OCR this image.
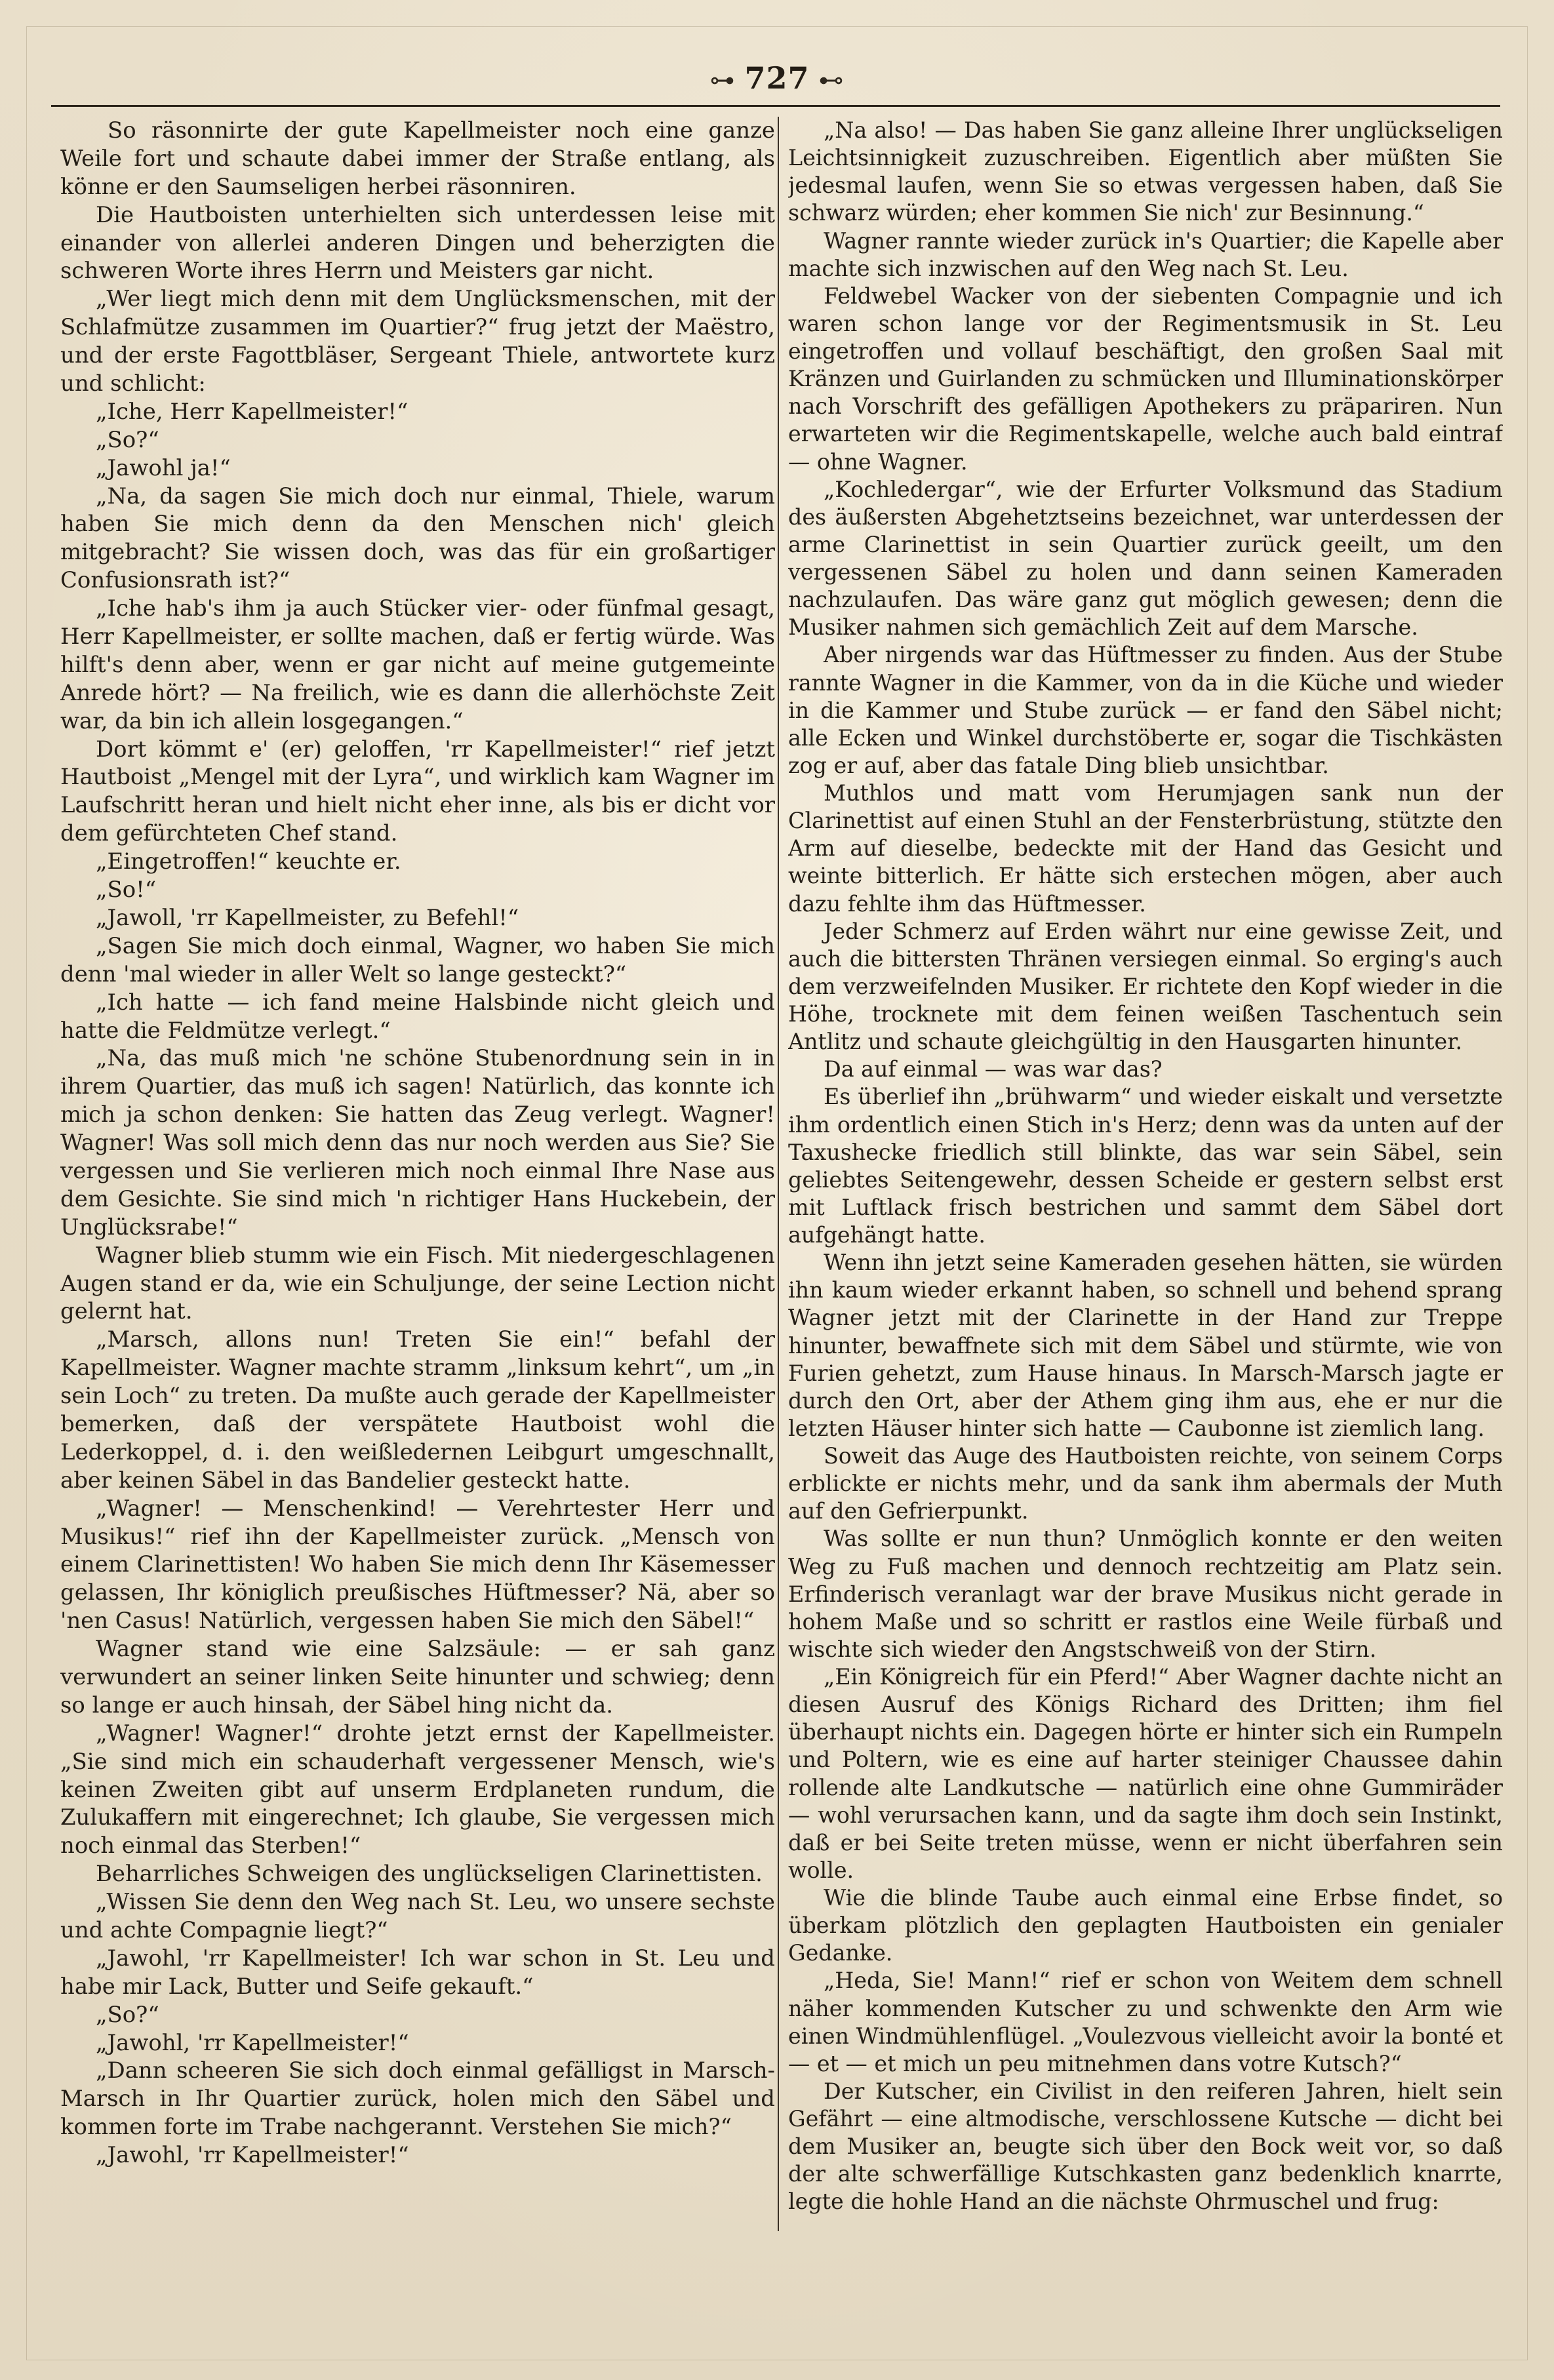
⊶ 727 ⊷

So räsonnirte der gute Kapellmeister noch eine ganze Weile fort und schaute dabei immer der Straße entlang, als könne er den Saumseligen herbei räsonniren.

Die Hautboisten unterhielten sich unterdessen leise mit einander von allerlei anderen Dingen und beherzigten die schweren Worte ihres Herrn und Meisters gar nicht.

„Wer liegt mich denn mit dem Unglücksmenschen, mit der Schlafmütze zusammen im Quartier?“ frug jetzt der Maëstro, und der erste Fagottbläser, Sergeant Thiele, antwortete kurz und schlicht:

„Iche, Herr Kapellmeister!“

„So?“

„Jawohl ja!“

„Na, da sagen Sie mich doch nur einmal, Thiele, warum haben Sie mich denn da den Menschen nich' gleich mitgebracht? Sie wissen doch, was das für ein großartiger Confusionsrath ist?“

„Iche hab's ihm ja auch Stücker vier- oder fünfmal gesagt, Herr Kapellmeister, er sollte machen, daß er fertig würde. Was hilft's denn aber, wenn er gar nicht auf meine gutgemeinte Anrede hört? — Na freilich, wie es dann die allerhöchste Zeit war, da bin ich allein losgegangen.“

Dort kömmt e' (er) geloffen, 'rr Kapellmeister!“ rief jetzt Hautboist „Mengel mit der Lyra“, und wirklich kam Wagner im Laufschritt heran und hielt nicht eher inne, als bis er dicht vor dem gefürchteten Chef stand.

„Eingetroffen!“ keuchte er.

„So!“

„Jawoll, 'rr Kapellmeister, zu Befehl!“

„Sagen Sie mich doch einmal, Wagner, wo haben Sie mich denn 'mal wieder in aller Welt so lange gesteckt?“

„Ich hatte — ich fand meine Halsbinde nicht gleich und hatte die Feldmütze verlegt.“

„Na, das muß mich 'ne schöne Stubenordnung sein in in ihrem Quartier, das muß ich sagen! Natürlich, das konnte ich mich ja schon denken: Sie hatten das Zeug verlegt. Wagner! Wagner! Was soll mich denn das nur noch werden aus Sie? Sie vergessen und Sie verlieren mich noch einmal Ihre Nase aus dem Gesichte. Sie sind mich 'n richtiger Hans Huckebein, der Unglücksrabe!“

Wagner blieb stumm wie ein Fisch. Mit niedergeschlagenen Augen stand er da, wie ein Schuljunge, der seine Lection nicht gelernt hat.

„Marsch, allons nun! Treten Sie ein!“ befahl der Kapellmeister. Wagner machte stramm „linksum kehrt“, um „in sein Loch“ zu treten. Da mußte auch gerade der Kapellmeister bemerken, daß der verspätete Hautboist wohl die Lederkoppel, d. i. den weißledernen Leibgurt umgeschnallt, aber keinen Säbel in das Bandelier gesteckt hatte.

„Wagner! — Menschenkind! — Verehrtester Herr und Musikus!“ rief ihn der Kapellmeister zurück. „Mensch von einem Clarinettisten! Wo haben Sie mich denn Ihr Käsemesser gelassen, Ihr königlich preußisches Hüftmesser? Nä, aber so 'nen Casus! Natürlich, vergessen haben Sie mich den Säbel!“

Wagner stand wie eine Salzsäule: — er sah ganz verwundert an seiner linken Seite hinunter und schwieg; denn so lange er auch hinsah, der Säbel hing nicht da.

„Wagner! Wagner!“ drohte jetzt ernst der Kapellmeister. „Sie sind mich ein schauderhaft vergessener Mensch, wie's keinen Zweiten gibt auf unserm Erdplaneten rundum, die Zulukaffern mit eingerechnet; Ich glaube, Sie vergessen mich noch einmal das Sterben!“

Beharrliches Schweigen des unglückseligen Clarinettisten.

„Wissen Sie denn den Weg nach St. Leu, wo unsere sechste und achte Compagnie liegt?“

„Jawohl, 'rr Kapellmeister! Ich war schon in St. Leu und habe mir Lack, Butter und Seife gekauft.“

„So?“

„Jawohl, 'rr Kapellmeister!“

„Dann scheeren Sie sich doch einmal gefälligst in Marsch-Marsch in Ihr Quartier zurück, holen mich den Säbel und kommen forte im Trabe nachgerannt. Verstehen Sie mich?“

„Jawohl, 'rr Kapellmeister!“

„Na also! — Das haben Sie ganz alleine Ihrer unglückseligen Leichtsinnigkeit zuzuschreiben. Eigentlich aber müßten Sie jedesmal laufen, wenn Sie so etwas vergessen haben, daß Sie schwarz würden; eher kommen Sie nich' zur Besinnung.“

Wagner rannte wieder zurück in's Quartier; die Kapelle aber machte sich inzwischen auf den Weg nach St. Leu.

Feldwebel Wacker von der siebenten Compagnie und ich waren schon lange vor der Regimentsmusik in St. Leu eingetroffen und vollauf beschäftigt, den großen Saal mit Kränzen und Guirlanden zu schmücken und Illuminationskörper nach Vorschrift des gefälligen Apothekers zu präpariren. Nun erwarteten wir die Regimentskapelle, welche auch bald eintraf — ohne Wagner.

„Kochledergar“, wie der Erfurter Volksmund das Stadium des äußersten Abgehetztseins bezeichnet, war unterdessen der arme Clarinettist in sein Quartier zurück geeilt, um den vergessenen Säbel zu holen und dann seinen Kameraden nachzulaufen. Das wäre ganz gut möglich gewesen; denn die Musiker nahmen sich gemächlich Zeit auf dem Marsche.

Aber nirgends war das Hüftmesser zu finden. Aus der Stube rannte Wagner in die Kammer, von da in die Küche und wieder in die Kammer und Stube zurück — er fand den Säbel nicht; alle Ecken und Winkel durchstöberte er, sogar die Tischkästen zog er auf, aber das fatale Ding blieb unsichtbar.

Muthlos und matt vom Herumjagen sank nun der Clarinettist auf einen Stuhl an der Fensterbrüstung, stützte den Arm auf dieselbe, bedeckte mit der Hand das Gesicht und weinte bitterlich. Er hätte sich erstechen mögen, aber auch dazu fehlte ihm das Hüftmesser.

Jeder Schmerz auf Erden währt nur eine gewisse Zeit, und auch die bittersten Thränen versiegen einmal. So erging's auch dem verzweifelnden Musiker. Er richtete den Kopf wieder in die Höhe, trocknete mit dem feinen weißen Taschentuch sein Antlitz und schaute gleichgültig in den Hausgarten hinunter.

Da auf einmal — was war das?

Es überlief ihn „brühwarm“ und wieder eiskalt und versetzte ihm ordentlich einen Stich in's Herz; denn was da unten auf der Taxushecke friedlich still blinkte, das war sein Säbel, sein geliebtes Seitengewehr, dessen Scheide er gestern selbst erst mit Luftlack frisch bestrichen und sammt dem Säbel dort aufgehängt hatte.

Wenn ihn jetzt seine Kameraden gesehen hätten, sie würden ihn kaum wieder erkannt haben, so schnell und behend sprang Wagner jetzt mit der Clarinette in der Hand zur Treppe hinunter, bewaffnete sich mit dem Säbel und stürmte, wie von Furien gehetzt, zum Hause hinaus. In Marsch-Marsch jagte er durch den Ort, aber der Athem ging ihm aus, ehe er nur die letzten Häuser hinter sich hatte — Caubonne ist ziemlich lang.

Soweit das Auge des Hautboisten reichte, von seinem Corps erblickte er nichts mehr, und da sank ihm abermals der Muth auf den Gefrierpunkt.

Was sollte er nun thun? Unmöglich konnte er den weiten Weg zu Fuß machen und dennoch rechtzeitig am Platz sein. Erfinderisch veranlagt war der brave Musikus nicht gerade in hohem Maße und so schritt er rastlos eine Weile fürbaß und wischte sich wieder den Angstschweiß von der Stirn.

„Ein Königreich für ein Pferd!“ Aber Wagner dachte nicht an diesen Ausruf des Königs Richard des Dritten; ihm fiel überhaupt nichts ein. Dagegen hörte er hinter sich ein Rumpeln und Poltern, wie es eine auf harter steiniger Chaussee dahin rollende alte Landkutsche — natürlich eine ohne Gummiräder — wohl verursachen kann, und da sagte ihm doch sein Instinkt, daß er bei Seite treten müsse, wenn er nicht überfahren sein wolle.

Wie die blinde Taube auch einmal eine Erbse findet, so überkam plötzlich den geplagten Hautboisten ein genialer Gedanke.

„Heda, Sie! Mann!“ rief er schon von Weitem dem schnell näher kommenden Kutscher zu und schwenkte den Arm wie einen Windmühlenflügel. „Voulezvous vielleicht avoir la bonté et — et — et mich un peu mitnehmen dans votre Kutsch?“

Der Kutscher, ein Civilist in den reiferen Jahren, hielt sein Gefährt — eine altmodische, verschlossene Kutsche — dicht bei dem Musiker an, beugte sich über den Bock weit vor, so daß der alte schwerfällige Kutschkasten ganz bedenklich knarrte, legte die hohle Hand an die nächste Ohrmuschel und frug:
